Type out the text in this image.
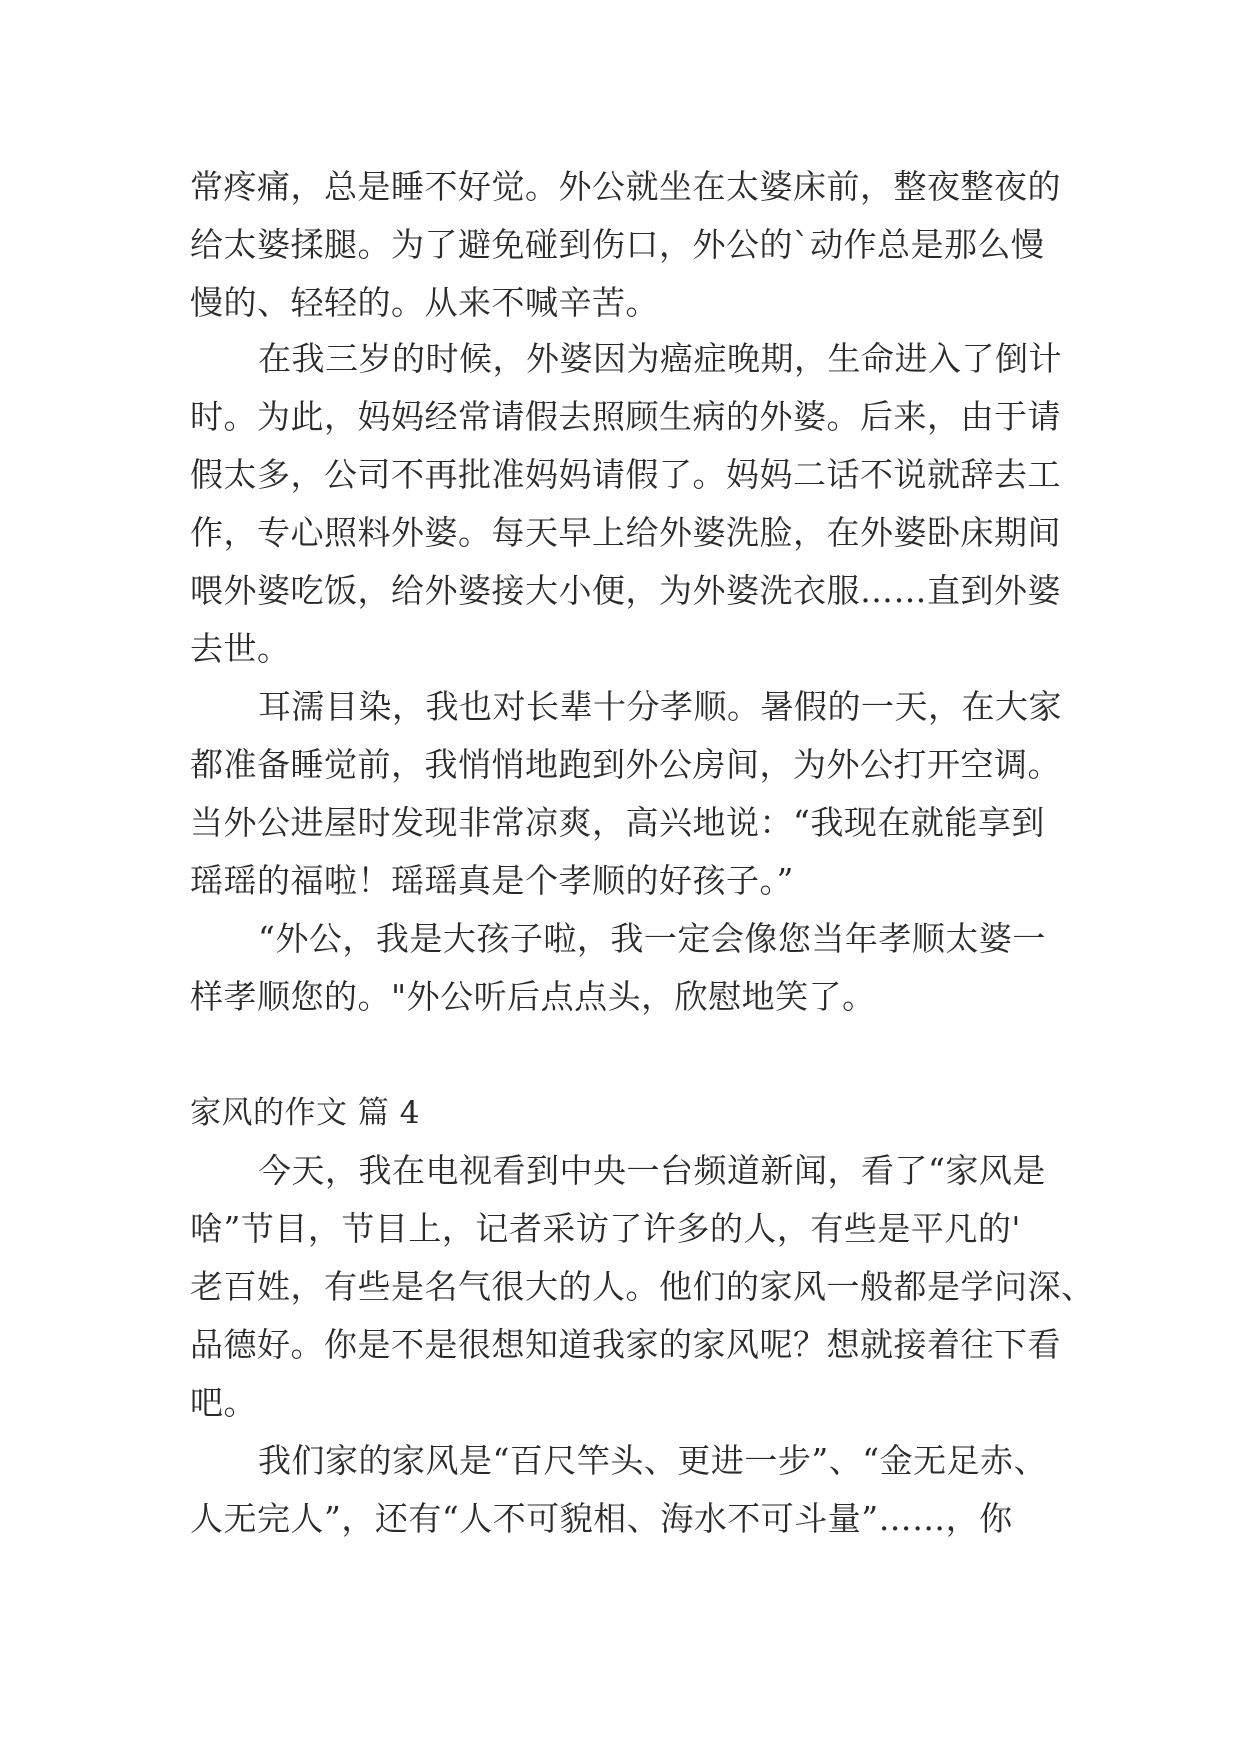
常疼痛，总是睡不好觉。外公就坐在太婆床前，整夜整夜的
给太婆揉腿。为了避免碰到伤口，外公的`动作总是那么慢
慢的、轻轻的。从来不喊辛苦。
在我三岁的时候，外婆因为癌症晚期，生命进入了倒计
时。为此，妈妈经常请假去照顾生病的外婆。后来，由于请
假太多，公司不再批准妈妈请假了。妈妈二话不说就辞去工
作，专心照料外婆。每天早上给外婆洗脸，在外婆卧床期间
喂外婆吃饭，给外婆接大小便，为外婆洗衣服……直到外婆
去世。
耳濡目染，我也对长辈十分孝顺。暑假的一天，在大家
都准备睡觉前，我悄悄地跑到外公房间，为外公打开空调。
当外公进屋时发现非常凉爽，高兴地说：“我现在就能享到
瑶瑶的福啦！瑶瑶真是个孝顺的好孩子。”
“外公，我是大孩子啦，我一定会像您当年孝顺太婆一
样孝顺您的。"外公听后点点头，欣慰地笑了。
家风的作文 篇 4
今天，我在电视看到中央一台频道新闻，看了“家风是
啥”节目，节目上，记者采访了许多的人，有些是平凡的'
老百姓，有些是名气很大的人。他们的家风一般都是学问深、
品德好。你是不是很想知道我家的家风呢？想就接着往下看
吧。
我们家的家风是“百尺竿头、更进一步”、“金无足赤、
人无完人”，还有“人不可貌相、海水不可斗量”……，你
